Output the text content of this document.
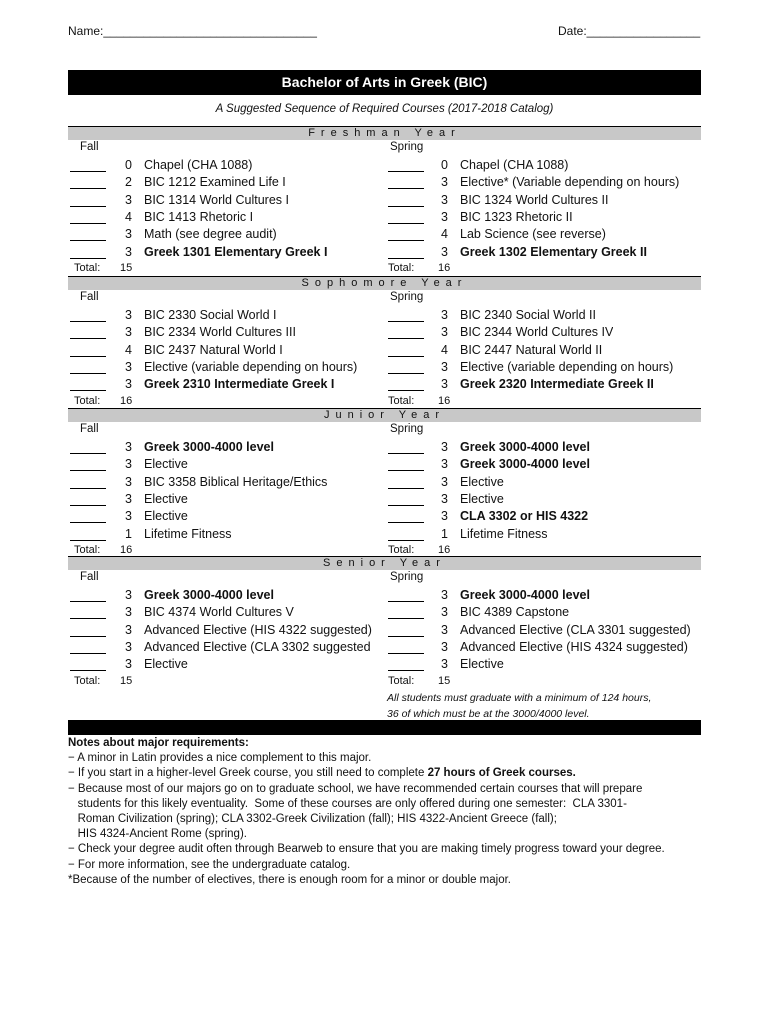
Name:________________________________	Date:_________________
Bachelor of Arts in Greek (BIC)
A Suggested Sequence of Required Courses (2017-2018 Catalog)
Freshman Year
Fall
0 Chapel (CHA 1088)
2 BIC 1212 Examined Life I
3 BIC 1314 World Cultures I
4 BIC 1413 Rhetoric I
3 Math (see degree audit)
3 Greek 1301 Elementary Greek I
Total: 15
Spring
0 Chapel (CHA 1088)
3 Elective* (Variable depending on hours)
3 BIC 1324 World Cultures II
3 BIC 1323 Rhetoric II
4 Lab Science (see reverse)
3 Greek 1302 Elementary Greek II
Total: 16
Sophomore Year
Fall
3 BIC 2330 Social World I
3 BIC 2334 World Cultures III
4 BIC 2437 Natural World I
3 Elective (variable depending on hours)
3 Greek 2310 Intermediate Greek I
Total: 16
Spring
3 BIC 2340 Social World II
3 BIC 2344 World Cultures IV
4 BIC 2447 Natural World II
3 Elective (variable depending on hours)
3 Greek 2320 Intermediate Greek II
Total: 16
Junior Year
Fall
3 Greek 3000-4000 level
3 Elective
3 BIC 3358 Biblical Heritage/Ethics
3 Elective
3 Elective
1 Lifetime Fitness
Total: 16
Spring
3 Greek 3000-4000 level
3 Greek 3000-4000 level
3 Elective
3 Elective
3 CLA 3302 or HIS 4322
1 Lifetime Fitness
Total: 16
Senior Year
Fall
3 Greek 3000-4000 level
3 BIC 4374 World Cultures V
3 Advanced Elective (HIS 4322 suggested)
3 Advanced Elective (CLA 3302 suggested
3 Elective
Total: 15
Spring
3 Greek 3000-4000 level
3 BIC 4389 Capstone
3 Advanced Elective (CLA 3301 suggested)
3 Advanced Elective (HIS 4324 suggested)
3 Elective
Total: 15
All students must graduate with a minimum of 124 hours,
36 of which must be at the 3000/4000 level.
Notes about major requirements:
− A minor in Latin provides a nice complement to this major.
− If you start in a higher-level Greek course, you still need to complete 27 hours of Greek courses.
− Because most of our majors go on to graduate school, we have recommended certain courses that will prepare
students for this likely eventuality.  Some of these courses are only offered during one semester:  CLA 3301-
Roman Civilization (spring); CLA 3302-Greek Civilization (fall); HIS 4322-Ancient Greece (fall);
HIS 4324-Ancient Rome (spring).
− Check your degree audit often through Bearweb to ensure that you are making timely progress toward your degree.
− For more information, see the undergraduate catalog.
*Because of the number of electives, there is enough room for a minor or double major.
